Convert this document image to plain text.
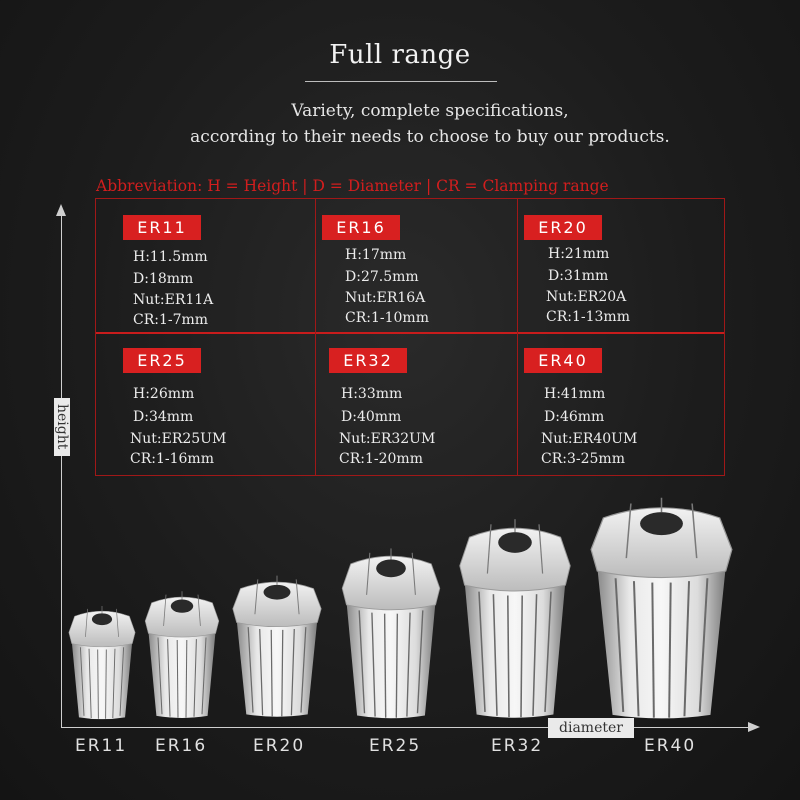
Full range
Variety, complete specifications,
according to their needs to choose to buy our products.
Abbreviation: H = Height | D = Diameter | CR = Clamping range
height
diameter
ER11
H:11.5mm
D:18mm
Nut:ER11A
CR:1-7mm
ER16
H:17mm
D:27.5mm
Nut:ER16A
CR:1-10mm
ER20
H:21mm
D:31mm
Nut:ER20A
CR:1-13mm
ER25
H:26mm
D:34mm
Nut:ER25UM
CR:1-16mm
ER32
H:33mm
D:40mm
Nut:ER32UM
CR:1-20mm
ER40
H:41mm
D:46mm
Nut:ER40UM
CR:3-25mm
ER11 ER16	ER20	ER25	ER32	ER40
